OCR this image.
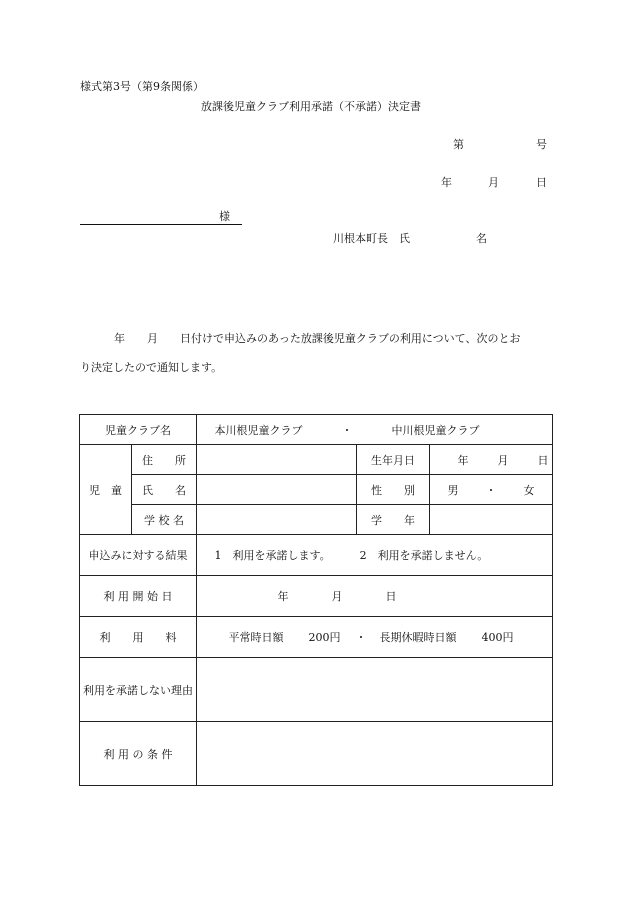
様式第3号（第9条関係）
放課後児童クラブ利用承諾（不承諾）決定書
第	号
年	月	日
様
川根本町長　氏	名
年　　月　　日付けで申込みのあった放課後児童クラブの利用について、次のとお
り決定したので通知します。
児童クラブ名		本川根児童クラブ ・ 中川根児童クラブ		
児　童	住　　所		生年月日	年 月 日
	氏　　名		性　　別	男 ・ 女
	学 校 名		学　　年	
申込みに対する結果		1　利用を承諾します。 2　利用を承諾しません。		
利 用 開 始 日		年 月 日		
利　　用　　料		平常時日額 200円 ・ 長期休暇時日額 400円		
利用を承諾しない理由				
利 用 の 条 件				
